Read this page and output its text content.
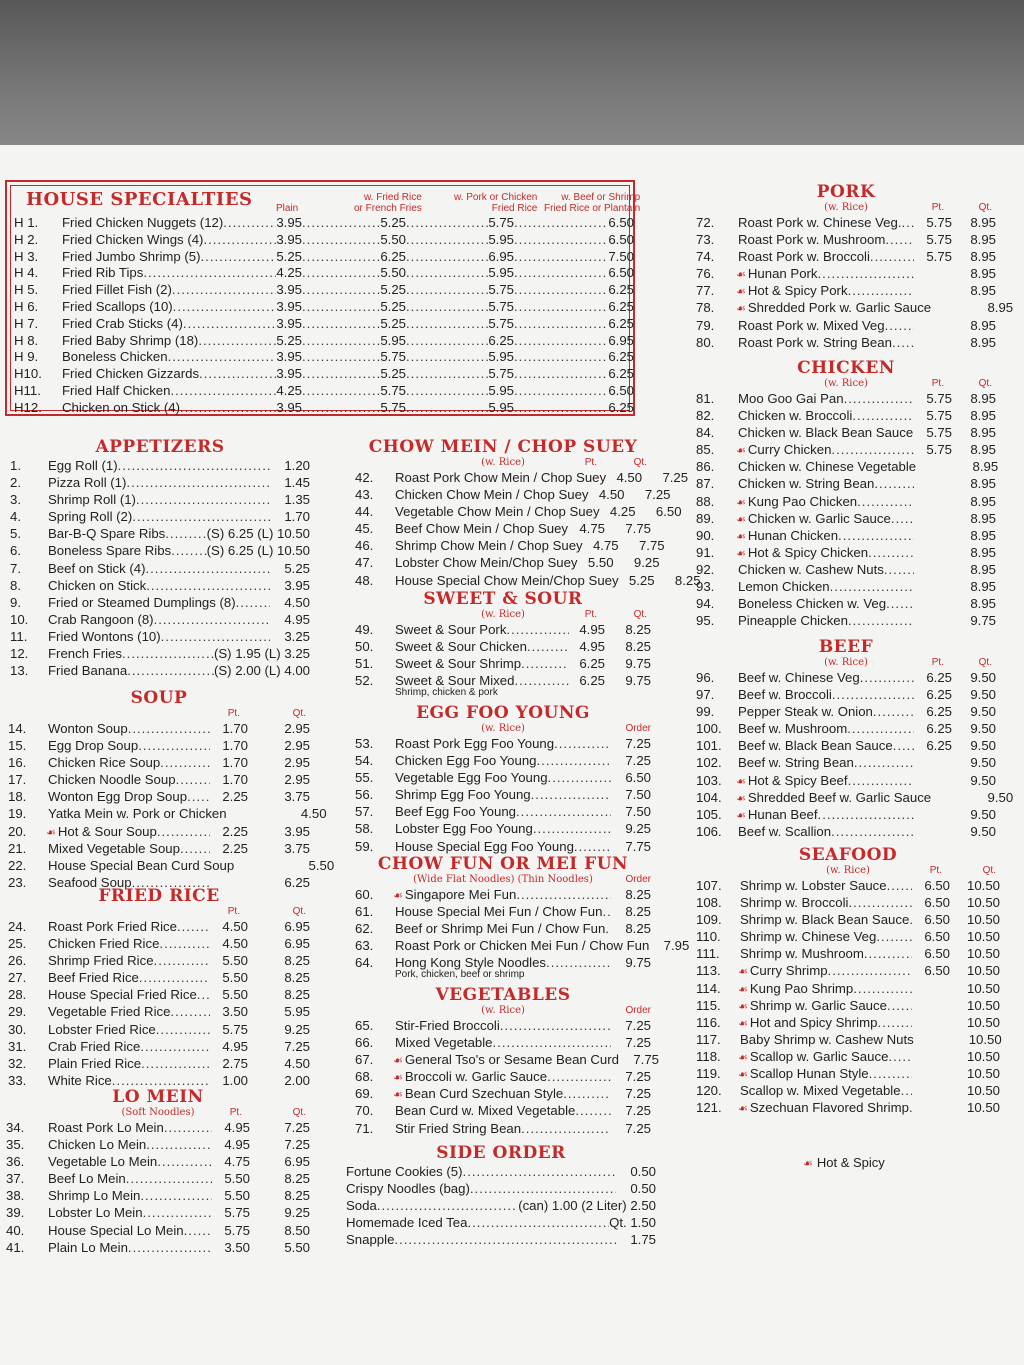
HOUSE SPECIALTIES Plain
w. Fried Rice
or French Fries
w. Pork or Chicken
Fried Rice
w. Beef or Shrimp
Fried Rice or Plantain
H 1.	Fried Chicken Nuggets (12) .....	3.95 .....	5.25 .....	5.75 .....	6.50
H 2.	Fried Chicken Wings (4) .....	3.95 .....	5.50 .....	5.95 .....	6.50
H 3.	Fried Jumbo Shrimp (5) .....	5.25 .....	6.25 .....	6.95 .....	7.50
H 4.	Fried Rib Tips .....	4.25 .....	5.50 .....	5.95 .....	6.50
H 5.	Fried Fillet Fish (2) .....	3.95 .....	5.25 .....	5.75 .....	6.25
H 6.	Fried Scallops (10) .....	3.95 .....	5.25 .....	5.75 .....	6.25
H 7.	Fried Crab Sticks (4) .....	3.95 .....	5.25 .....	5.75 .....	6.25
H 8.	Fried Baby Shrimp (18) .....	5.25 .....	5.95 .....	6.25 .....	6.95
H 9.	Boneless Chicken .....	3.95 .....	5.75 .....	5.95 .....	6.25
H10.	Fried Chicken Gizzards .....	3.95 .....	5.25 .....	5.75 .....	6.25
H11.	Fried Half Chicken .....	4.25 .....	5.75 .....	5.95 .....	6.50
H12.	Chicken on Stick (4) .....	3.95 .....	5.75 .....	5.95 .....	6.25
APPETIZERS
1.	Egg Roll (1) .....	1.20
2.	Pizza Roll (1) .....	1.45
3.	Shrimp Roll (1) .....	1.35
4.	Spring Roll (2) .....	1.70
5.	Bar-B-Q Spare Ribs .....	(S) 6.25 (L) 10.50
6.	Boneless Spare Ribs .....	(S) 6.25 (L) 10.50
7.	Beef on Stick (4) .....	5.25
8.	Chicken on Stick .....	3.95
9.	Fried or Steamed Dumplings (8) .....	4.50
10.	Crab Rangoon (8) .....	4.95
11.	Fried Wontons (10) .....	3.25
12.	French Fries .....	(S) 1.95 (L) 3.25
13.	Fried Banana .....	(S) 2.00 (L) 4.00
SOUP
Pt.	Qt.
14.	Wonton Soup .....	1.70	2.95
15.	Egg Drop Soup .....	1.70	2.95
16.	Chicken Rice Soup .....	1.70	2.95
17.	Chicken Noodle Soup .....	1.70	2.95
18.	Wonton Egg Drop Soup .....	2.25	3.75
19.	Yatka Mein w. Pork or Chicken	4.50
20.	☙ Hot & Sour Soup .....	2.25	3.95
21.	Mixed Vegetable Soup .....	2.25	3.75
22.	House Special Bean Curd Soup	5.50
23.	Seafood Soup .....	6.25
FRIED RICE
Pt.	Qt.
24.	Roast Pork Fried Rice .....	4.50	6.95
25.	Chicken Fried Rice .....	4.50	6.95
26.	Shrimp Fried Rice .....	5.50	8.25
27.	Beef Fried Rice .....	5.50	8.25
28.	House Special Fried Rice .....	5.50	8.25
29.	Vegetable Fried Rice .....	3.50	5.95
30.	Lobster Fried Rice .....	5.75	9.25
31.	Crab Fried Rice .....	4.95	7.25
32.	Plain Fried Rice .....	2.75	4.50
33.	White Rice .....	1.00	2.00
LO MEIN
(Soft Noodles)	Pt.	Qt.
34.	Roast Pork Lo Mein .....	4.95	7.25
35.	Chicken Lo Mein .....	4.95	7.25
36.	Vegetable Lo Mein .....	4.75	6.95
37.	Beef Lo Mein .....	5.50	8.25
38.	Shrimp Lo Mein .....	5.50	8.25
39.	Lobster Lo Mein .....	5.75	9.25
40.	House Special Lo Mein .....	5.75	8.50
41.	Plain Lo Mein .....	3.50	5.50
CHOW MEIN / CHOP SUEY
(w. Rice)	Pt.	Qt.
42.	Roast Pork Chow Mein / Chop Suey 4.50	7.25
43.	Chicken Chow Mein / Chop Suey 4.50	7.25
44.	Vegetable Chow Mein / Chop Suey 4.25	6.50
45.	Beef Chow Mein / Chop Suey ..... 4.75	7.75
46.	Shrimp Chow Mein / Chop Suey 4.75	7.75
47.	Lobster Chow Mein/Chop Suey 5.50	9.25
48.	House Special Chow Mein/Chop Suey 5.25	8.25
SWEET & SOUR
(w. Rice)	Pt.	Qt.
49.	Sweet & Sour Pork .....	4.95	8.25
50.	Sweet & Sour Chicken .....	4.95	8.25
51.	Sweet & Sour Shrimp .....	6.25	9.75
52.	Sweet & Sour Mixed .....	6.25	9.75
Shrimp, chicken & pork
EGG FOO YOUNG
(w. Rice)	Order
53.	Roast Pork Egg Foo Young .....	7.25
54.	Chicken Egg Foo Young .....	7.25
55.	Vegetable Egg Foo Young .....	6.50
56.	Shrimp Egg Foo Young .....	7.50
57.	Beef Egg Foo Young .....	7.50
58.	Lobster Egg Foo Young .....	9.25
59.	House Special Egg Foo Young .....	7.75
CHOW FUN OR MEI FUN
(Wide Flat Noodles) (Thin Noodles)	Order
60.	☙ Singapore Mei Fun .....	8.25
61.	House Special Mei Fun / Chow Fun .....	8.25
62.	Beef or Shrimp Mei Fun / Chow Fun .....	8.25
63.	Roast Pork or Chicken Mei Fun / Chow Fun	7.95
64.	Hong Kong Style Noodles .....	9.75
Pork, chicken, beef or shrimp
VEGETABLES
(w. Rice)	Order
65.	Stir-Fried Broccoli .....	7.25
66.	Mixed Vegetable .....	7.25
67.	☙ General Tso's or Sesame Bean Curd	7.75
68.	☙ Broccoli w. Garlic Sauce .....	7.25
69.	☙ Bean Curd Szechuan Style .....	7.25
70.	Bean Curd w. Mixed Vegetable .....	7.25
71.	Stir Fried String Bean .....	7.25
SIDE ORDER
Fortune Cookies (5) .....	0.50
Crispy Noodles (bag) .....	0.50
Soda .....	(can) 1.00 (2 Liter) 2.50
Homemade Iced Tea .....	Qt. 1.50
Snapple .....	1.75
PORK
(w. Rice)	Pt.	Qt.
72.	Roast Pork w. Chinese Veg. .....	5.75	8.95
73.	Roast Pork w. Mushroom .....	5.75	8.95
74.	Roast Pork w. Broccoli .....	5.75	8.95
76.	☙ Hunan Pork .....	8.95
77.	☙ Hot & Spicy Pork .....	8.95
78.	☙ Shredded Pork w. Garlic Sauce	8.95
79.	Roast Pork w. Mixed Veg .....	8.95
80.	Roast Pork w. String Bean .....	8.95
CHICKEN
(w. Rice)	Pt.	Qt.
81.	Moo Goo Gai Pan .....	5.75	8.95
82.	Chicken w. Broccoli .....	5.75	8.95
84.	Chicken w. Black Bean Sauce ..... 5.75	8.95
85.	☙ Curry Chicken .....	5.75	8.95
86.	Chicken w. Chinese Vegetable	8.95
87.	Chicken w. String Bean .....	8.95
88.	☙ Kung Pao Chicken .....	8.95
89.	☙ Chicken w. Garlic Sauce .....	8.95
90.	☙ Hunan Chicken .....	8.95
91.	☙ Hot & Spicy Chicken .....	8.95
92.	Chicken w. Cashew Nuts .....	8.95
93.	Lemon Chicken .....	8.95
94.	Boneless Chicken w. Veg .....	8.95
95.	Pineapple Chicken .....	9.75
BEEF
(w. Rice)	Pt.	Qt.
96.	Beef w. Chinese Veg .....	6.25	9.50
97.	Beef w. Broccoli .....	6.25	9.50
99.	Pepper Steak w. Onion .....	6.25	9.50
100.	Beef w. Mushroom .....	6.25	9.50
101.	Beef w. Black Bean Sauce .....	6.25	9.50
102.	Beef w. String Bean .....	9.50
103.	☙ Hot & Spicy Beef .....	9.50
104.	☙ Shredded Beef w. Garlic Sauce	9.50
105.	☙ Hunan Beef .....	9.50
106.	Beef w. Scallion .....	9.50
SEAFOOD
(w. Rice)	Pt.	Qt.
107.	Shrimp w. Lobster Sauce .....	6.50	10.50
108.	Shrimp w. Broccoli .....	6.50	10.50
109.	Shrimp w. Black Bean Sauce .....	6.50	10.50
110.	Shrimp w. Chinese Veg .....	6.50	10.50
111.	Shrimp w. Mushroom .....	6.50	10.50
113.	☙ Curry Shrimp .....	6.50	10.50
114.	☙ Kung Pao Shrimp .....	10.50
115.	☙ Shrimp w. Garlic Sauce .....	10.50
116.	☙ Hot and Spicy Shrimp .....	10.50
117.	Baby Shrimp w. Cashew Nuts	10.50
118.	☙ Scallop w. Garlic Sauce .....	10.50
119.	☙ Scallop Hunan Style .....	10.50
120.	Scallop w. Mixed Vegetable .....	10.50
121.	☙ Szechuan Flavored Shrimp .....	10.50
☙ Hot & Spicy
